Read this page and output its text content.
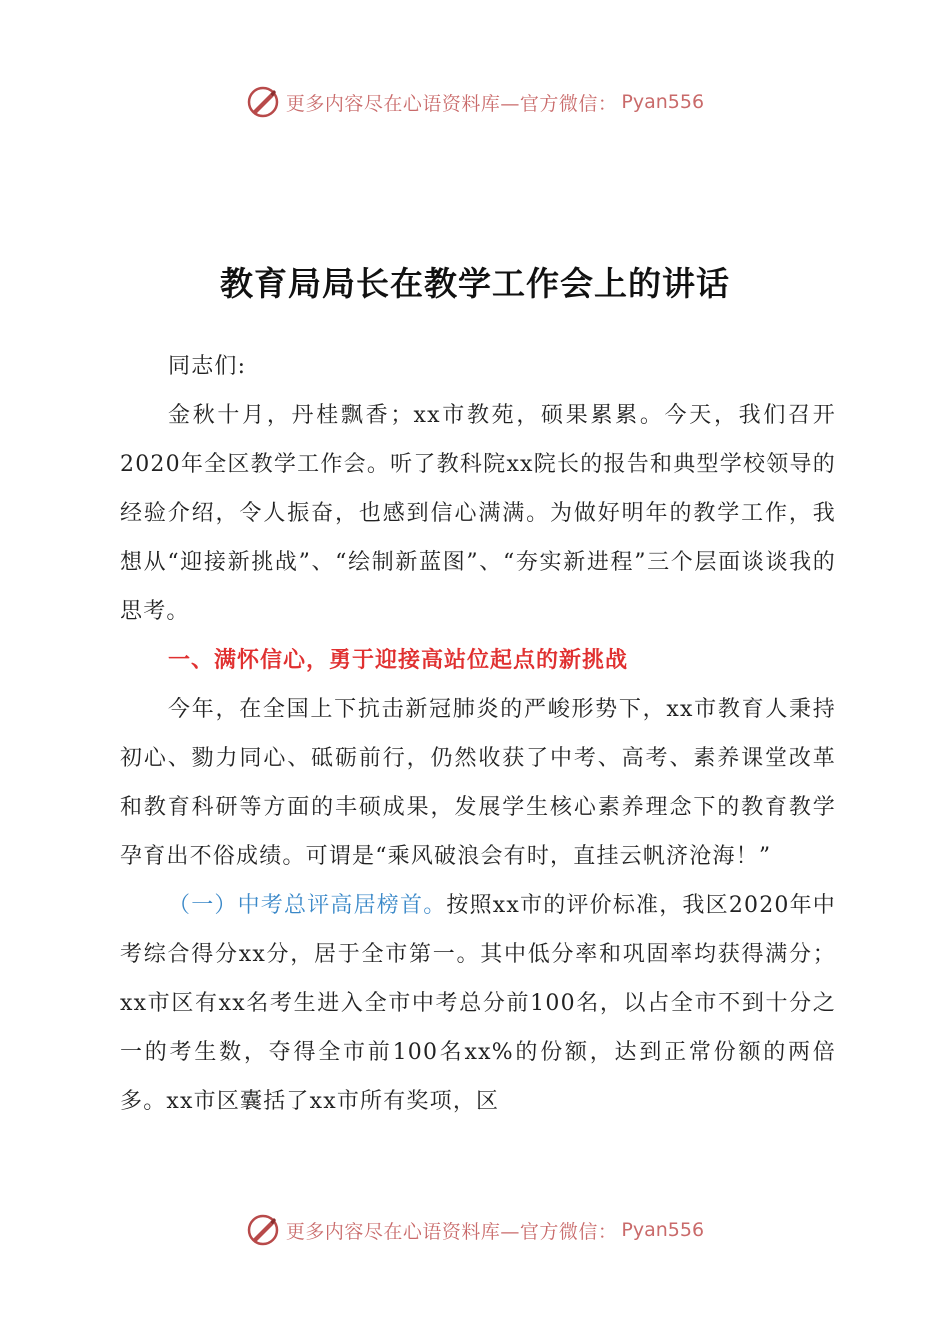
更多内容尽在心语资料库—官方微信： Pyan556
教育局局长在教学工作会上的讲话

同志们:

金秋十月，丹桂飘香；xx市教苑，硕果累累。今天，我们召开2020年全区教学工作会。听了教科院xx院长的报告和典型学校领导的经验介绍，令人振奋，也感到信心满满。为做好明年的教学工作，我想从“迎接新挑战”、“绘制新蓝图”、“夯实新进程”三个层面谈谈我的思考。

一、满怀信心，勇于迎接高站位起点的新挑战

今年，在全国上下抗击新冠肺炎的严峻形势下，xx市教育人秉持初心、勠力同心、砥砺前行，仍然收获了中考、高考、素养课堂改革和教育科研等方面的丰硕成果，发展学生核心素养理念下的教育教学孕育出不俗成绩。可谓是“乘风破浪会有时，直挂云帆济沧海！”

（一）中考总评高居榜首。按照xx市的评价标准，我区2020年中考综合得分xx分，居于全市第一。其中低分率和巩固率均获得满分；xx市区有xx名考生进入全市中考总分前100名，以占全市不到十分之一的考生数，夺得全市前100名xx%的份额，达到正常份额的两倍多。xx市区囊括了xx市所有奖项，区

更多内容尽在心语资料库—官方微信： Pyan556
